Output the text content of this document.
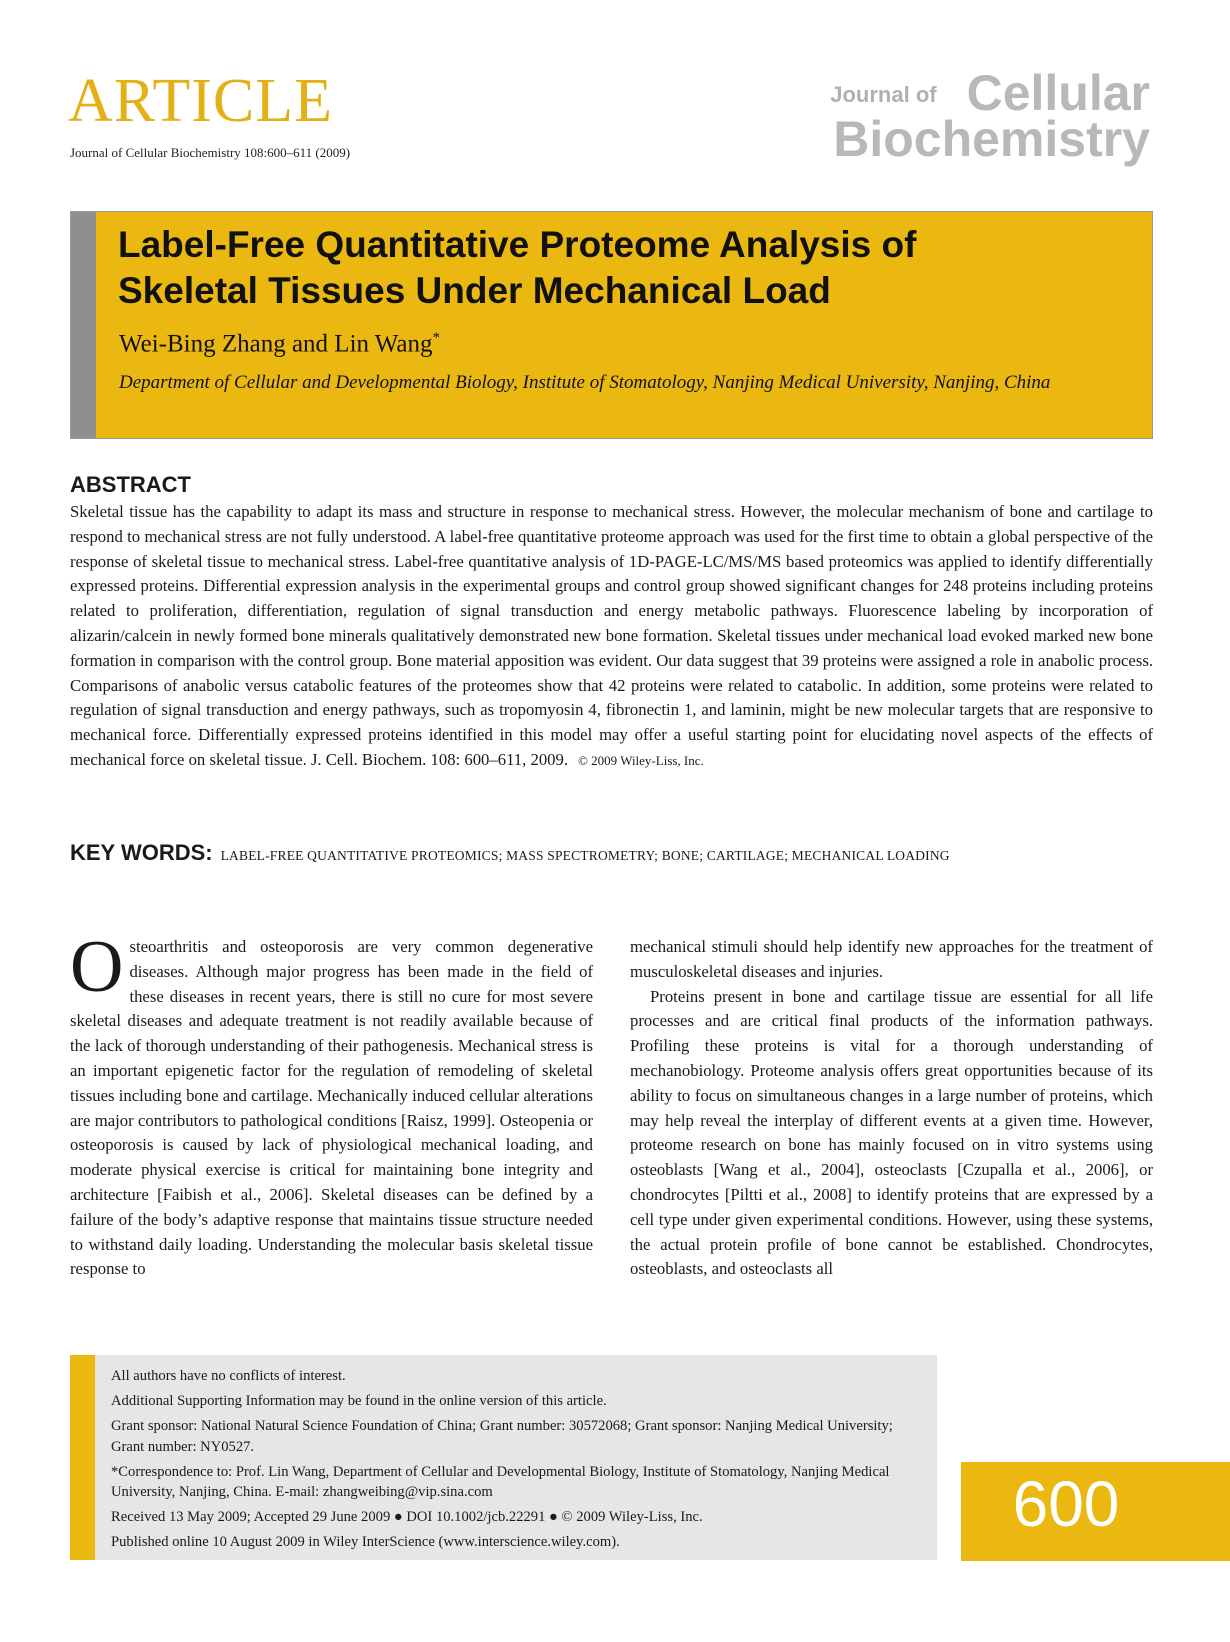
ARTICLE
Journal of Cellular Biochemistry 108:600–611 (2009)
Journal of Cellular
Biochemistry
Label-Free Quantitative Proteome Analysis of Skeletal Tissues Under Mechanical Load
Wei-Bing Zhang and Lin Wang*
Department of Cellular and Developmental Biology, Institute of Stomatology, Nanjing Medical University, Nanjing, China
ABSTRACT
Skeletal tissue has the capability to adapt its mass and structure in response to mechanical stress. However, the molecular mechanism of bone and cartilage to respond to mechanical stress are not fully understood. A label-free quantitative proteome approach was used for the first time to obtain a global perspective of the response of skeletal tissue to mechanical stress. Label-free quantitative analysis of 1D-PAGE-LC/MS/MS based proteomics was applied to identify differentially expressed proteins. Differential expression analysis in the experimental groups and control group showed significant changes for 248 proteins including proteins related to proliferation, differentiation, regulation of signal transduction and energy metabolic pathways. Fluorescence labeling by incorporation of alizarin/calcein in newly formed bone minerals qualitatively demonstrated new bone formation. Skeletal tissues under mechanical load evoked marked new bone formation in comparison with the control group. Bone material apposition was evident. Our data suggest that 39 proteins were assigned a role in anabolic process. Comparisons of anabolic versus catabolic features of the proteomes show that 42 proteins were related to catabolic. In addition, some proteins were related to regulation of signal transduction and energy pathways, such as tropomyosin 4, fibronectin 1, and laminin, might be new molecular targets that are responsive to mechanical force. Differentially expressed proteins identified in this model may offer a useful starting point for elucidating novel aspects of the effects of mechanical force on skeletal tissue. J. Cell. Biochem. 108: 600–611, 2009. © 2009 Wiley-Liss, Inc.
KEY WORDS: LABEL-FREE QUANTITATIVE PROTEOMICS; MASS SPECTROMETRY; BONE; CARTILAGE; MECHANICAL LOADING

Osteoarthritis and osteoporosis are very common degenerative diseases. Although major progress has been made in the field of these diseases in recent years, there is still no cure for most severe skeletal diseases and adequate treatment is not readily available because of the lack of thorough understanding of their pathogenesis. Mechanical stress is an important epigenetic factor for the regulation of remodeling of skeletal tissues including bone and cartilage. Mechanically induced cellular alterations are major contributors to pathological conditions [Raisz, 1999]. Osteopenia or osteoporosis is caused by lack of physiological mechanical loading, and moderate physical exercise is critical for maintaining bone integrity and architecture [Faibish et al., 2006]. Skeletal diseases can be defined by a failure of the body’s adaptive response that maintains tissue structure needed to withstand daily loading. Understanding the molecular basis skeletal tissue response to

mechanical stimuli should help identify new approaches for the treatment of musculoskeletal diseases and injuries.

Proteins present in bone and cartilage tissue are essential for all life processes and are critical final products of the information pathways. Profiling these proteins is vital for a thorough understanding of mechanobiology. Proteome analysis offers great opportunities because of its ability to focus on simultaneous changes in a large number of proteins, which may help reveal the interplay of different events at a given time. However, proteome research on bone has mainly focused on in vitro systems using osteoblasts [Wang et al., 2004], osteoclasts [Czupalla et al., 2006], or chondrocytes [Piltti et al., 2008] to identify proteins that are expressed by a cell type under given experimental conditions. However, using these systems, the actual protein profile of bone cannot be established. Chondrocytes, osteoblasts, and osteoclasts all

All authors have no conflicts of interest.
Additional Supporting Information may be found in the online version of this article.
Grant sponsor: National Natural Science Foundation of China; Grant number: 30572068; Grant sponsor: Nanjing Medical University; Grant number: NY0527.
*Correspondence to: Prof. Lin Wang, Department of Cellular and Developmental Biology, Institute of Stomatology, Nanjing Medical University, Nanjing, China. E-mail: zhangweibing@vip.sina.com
Received 13 May 2009; Accepted 29 June 2009 ● DOI 10.1002/jcb.22291 ● © 2009 Wiley-Liss, Inc.
Published online 10 August 2009 in Wiley InterScience (www.interscience.wiley.com).
600
